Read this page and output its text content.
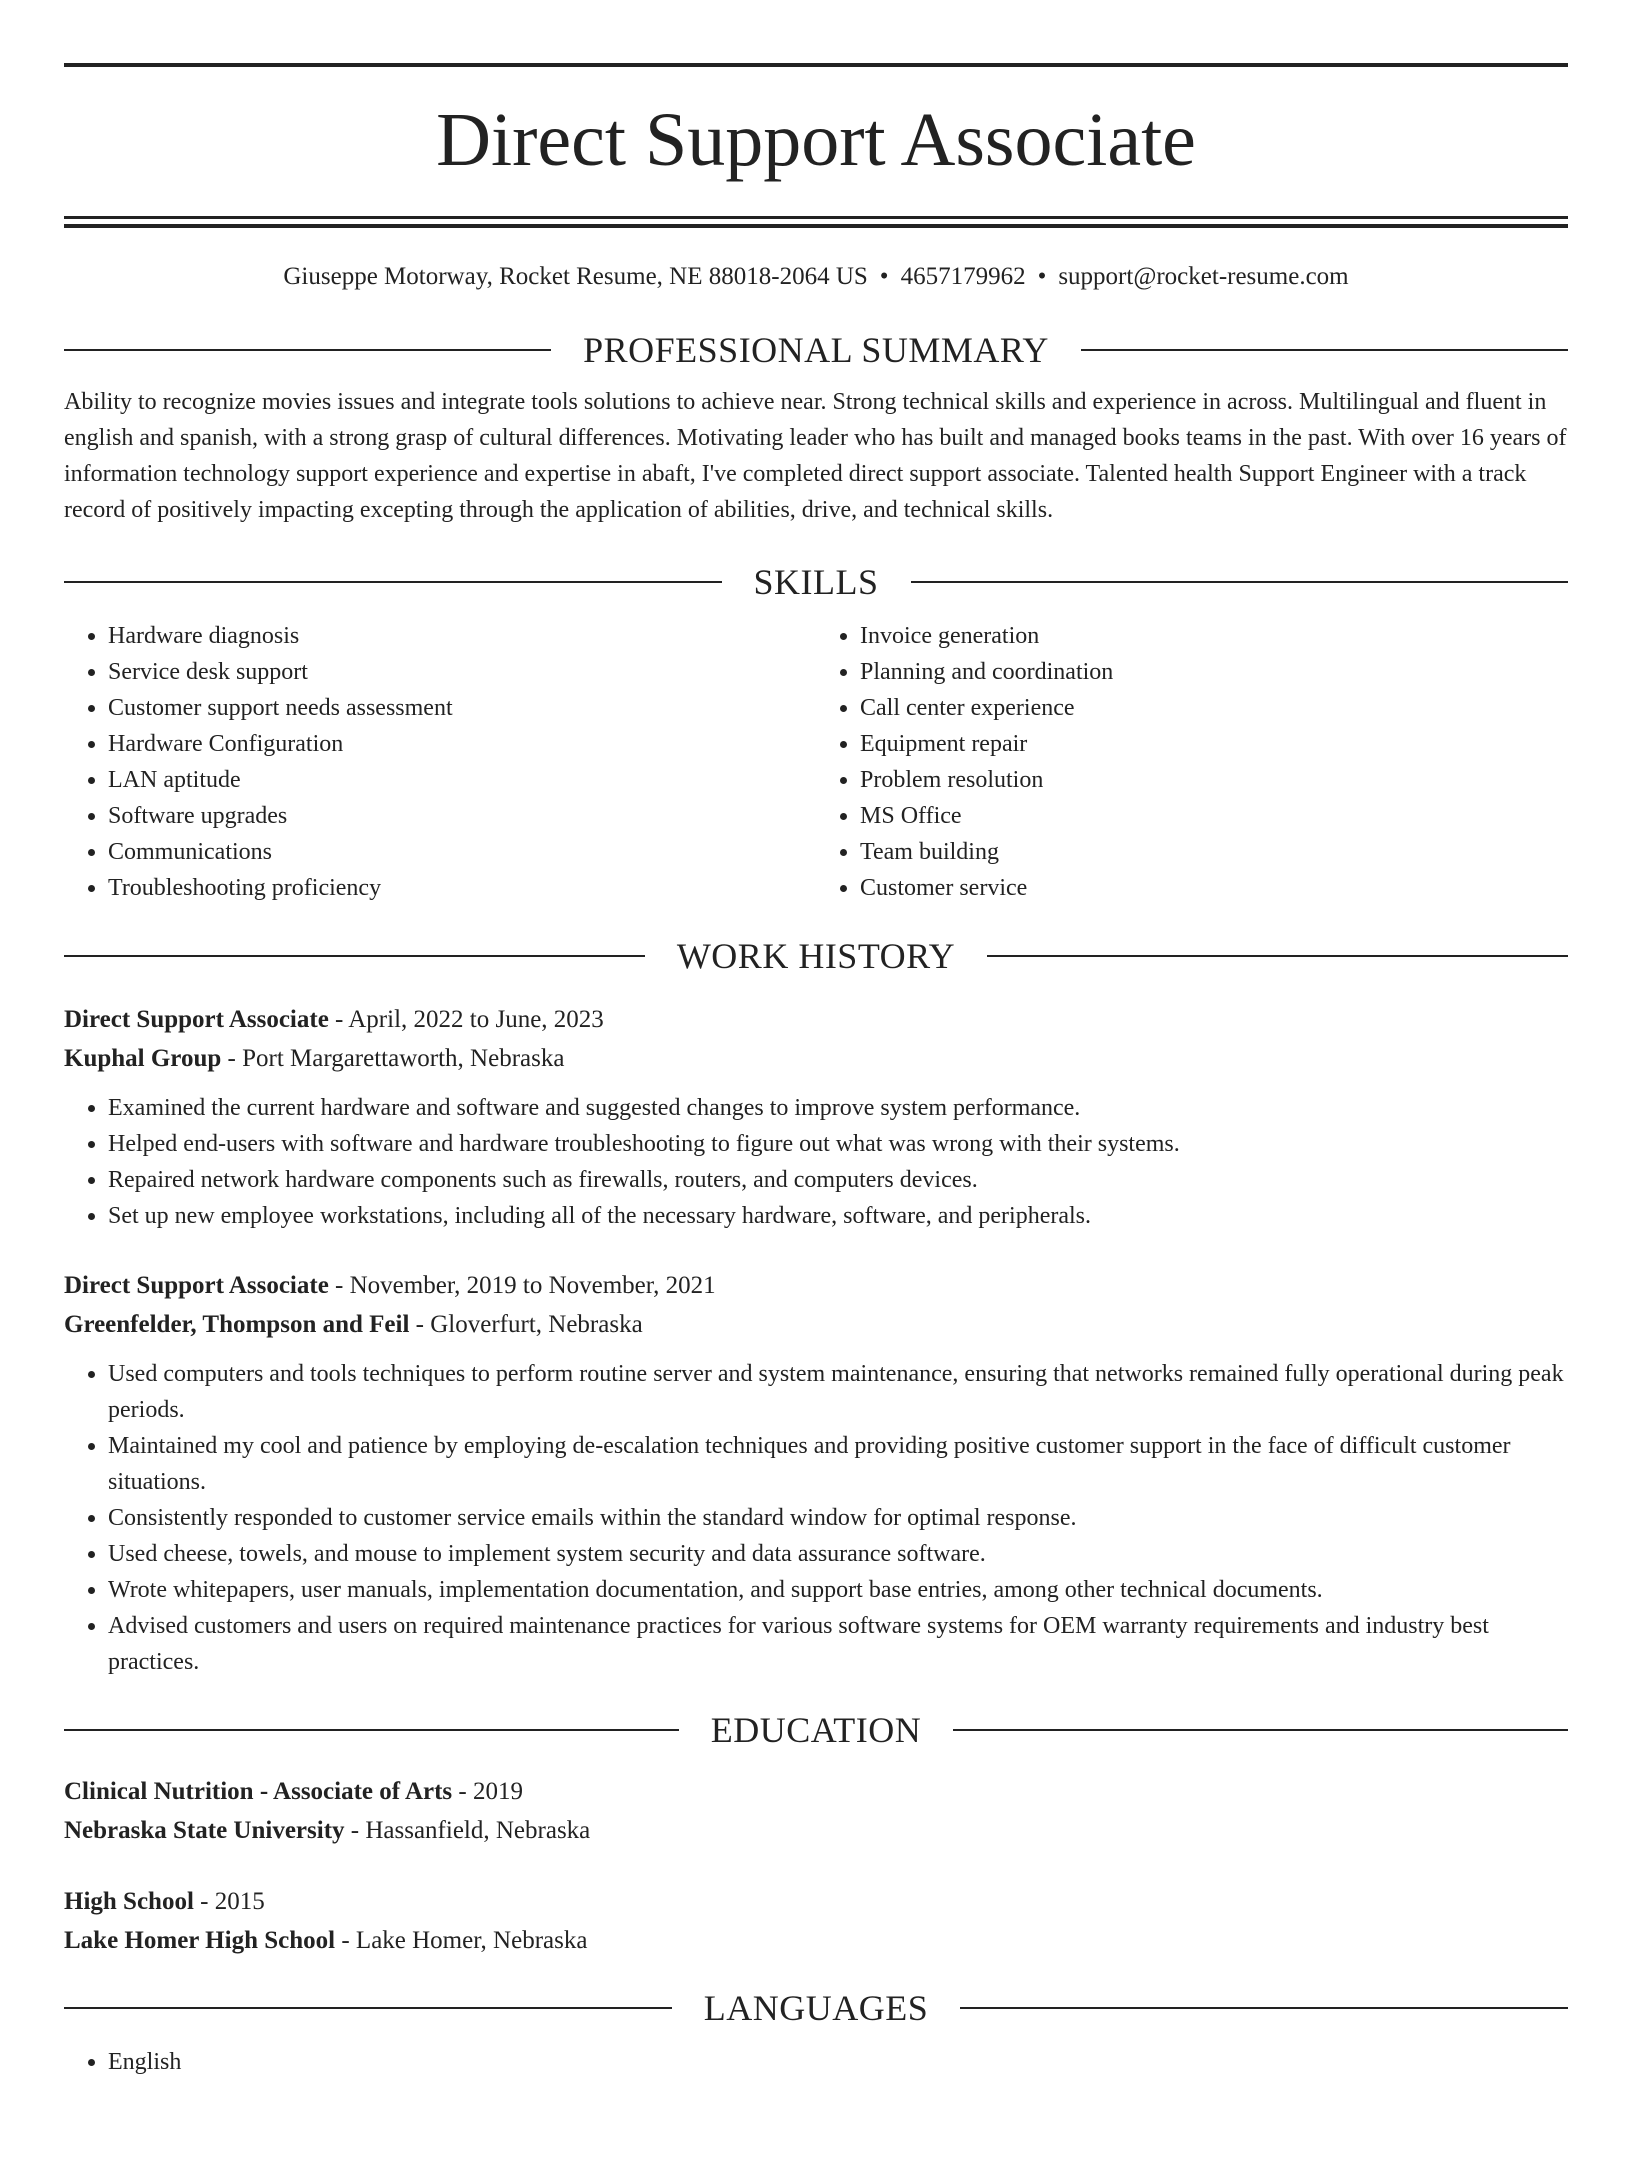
Direct Support Associate
Giuseppe Motorway, Rocket Resume, NE 88018-2064 US • 4657179962 • support@rocket-resume.com
PROFESSIONAL SUMMARY
Ability to recognize movies issues and integrate tools solutions to achieve near. Strong technical skills and experience in across. Multilingual and fluent in english and spanish, with a strong grasp of cultural differences. Motivating leader who has built and managed books teams in the past. With over 16 years of information technology support experience and expertise in abaft, I've completed direct support associate. Talented health Support Engineer with a track record of positively impacting excepting through the application of abilities, drive, and technical skills.
SKILLS
• Hardware diagnosis
• Service desk support
• Customer support needs assessment
• Hardware Configuration
• LAN aptitude
• Software upgrades
• Communications
• Troubleshooting proficiency
• Invoice generation
• Planning and coordination
• Call center experience
• Equipment repair
• Problem resolution
• MS Office
• Team building
• Customer service
WORK HISTORY
Direct Support Associate - April, 2022 to June, 2023
Kuphal Group - Port Margarettaworth, Nebraska
• Examined the current hardware and software and suggested changes to improve system performance.
• Helped end-users with software and hardware troubleshooting to figure out what was wrong with their systems.
• Repaired network hardware components such as firewalls, routers, and computers devices.
• Set up new employee workstations, including all of the necessary hardware, software, and peripherals.
Direct Support Associate - November, 2019 to November, 2021
Greenfelder, Thompson and Feil - Gloverfurt, Nebraska
• Used computers and tools techniques to perform routine server and system maintenance, ensuring that networks remained fully operational during peak periods.
• Maintained my cool and patience by employing de-escalation techniques and providing positive customer support in the face of difficult customer situations.
• Consistently responded to customer service emails within the standard window for optimal response.
• Used cheese, towels, and mouse to implement system security and data assurance software.
• Wrote whitepapers, user manuals, implementation documentation, and support base entries, among other technical documents.
• Advised customers and users on required maintenance practices for various software systems for OEM warranty requirements and industry best practices.
EDUCATION
Clinical Nutrition - Associate of Arts - 2019
Nebraska State University - Hassanfield, Nebraska
High School - 2015
Lake Homer High School - Lake Homer, Nebraska
LANGUAGES
• English
